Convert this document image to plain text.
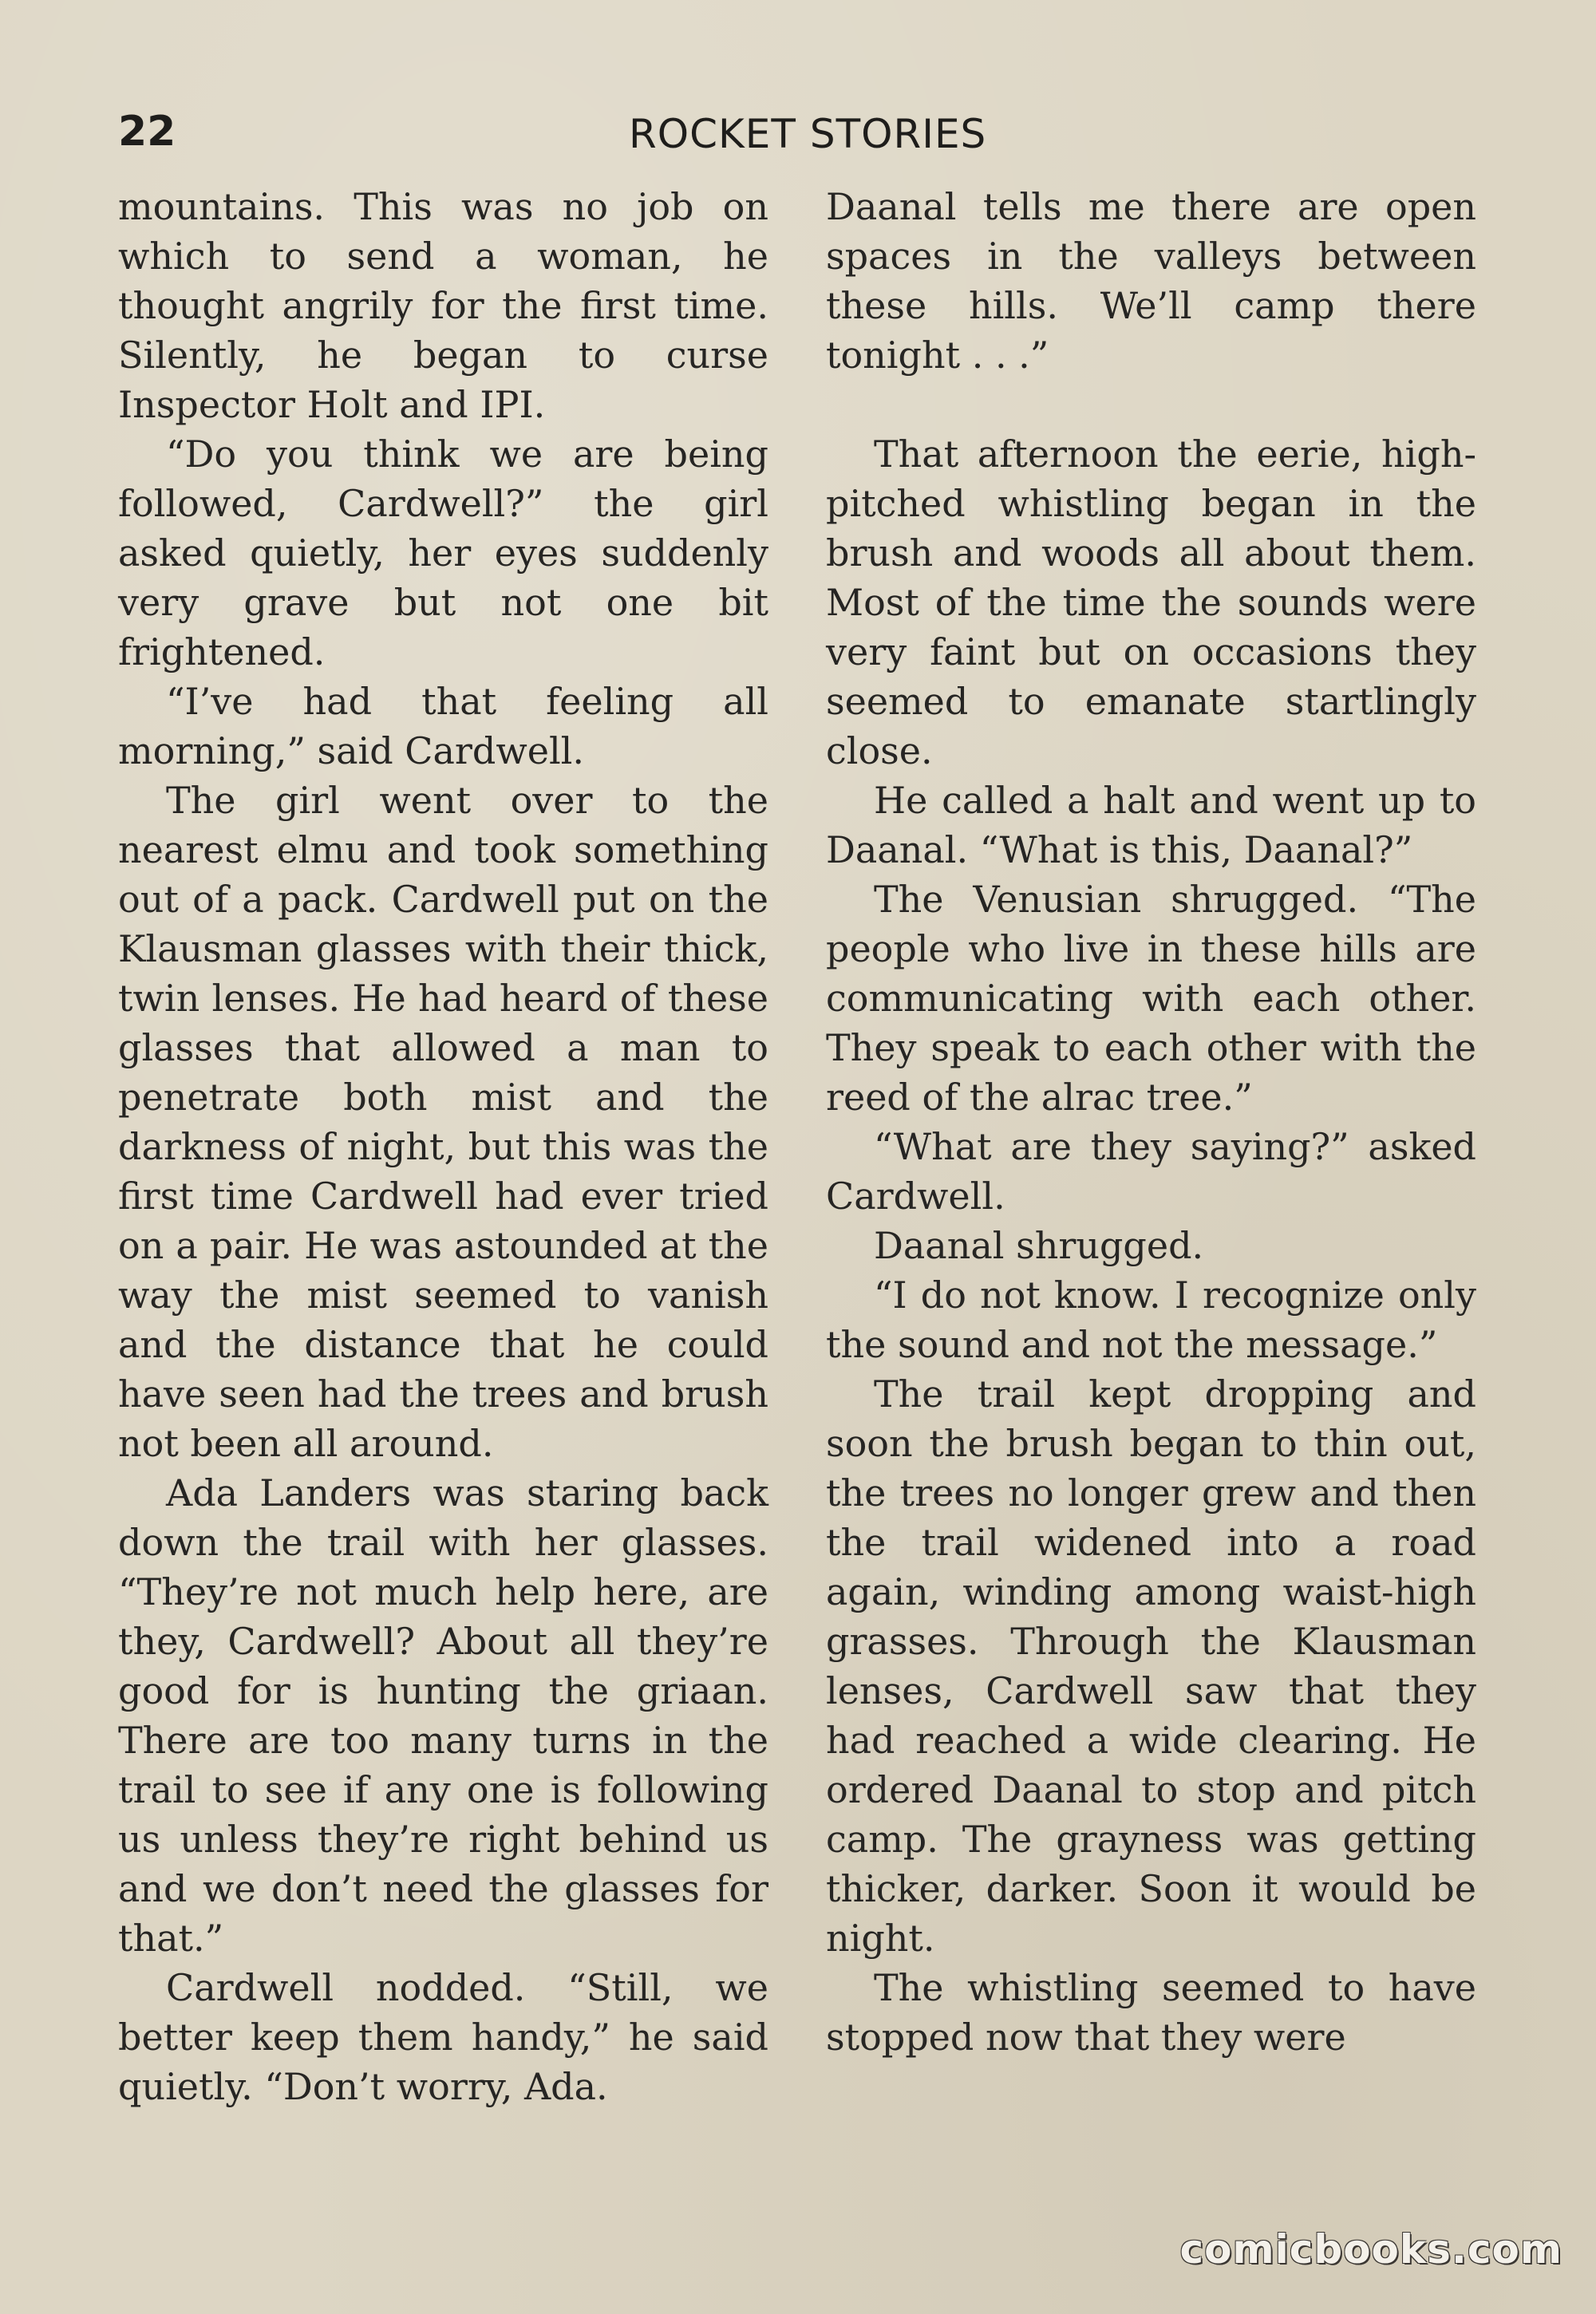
22	ROCKET STORIES

mountains. This was no job on which to send a woman, he thought angrily for the first time. Silently, he began to curse Inspector Holt and IPI.

“Do you think we are being followed, Cardwell?” the girl asked quietly, her eyes suddenly very grave but not one bit frightened.

“I’ve had that feeling all morning,” said Cardwell.

The girl went over to the nearest elmu and took something out of a pack. Cardwell put on the Klausman glasses with their thick, twin lenses. He had heard of these glasses that allowed a man to penetrate both mist and the darkness of night, but this was the first time Cardwell had ever tried on a pair. He was astounded at the way the mist seemed to vanish and the distance that he could have seen had the trees and brush not been all around.

Ada Landers was staring back down the trail with her glasses. “They’re not much help here, are they, Cardwell? About all they’re good for is hunting the griaan. There are too many turns in the trail to see if any one is following us unless they’re right behind us and we don’t need the glasses for that.”

Cardwell nodded. “Still, we better keep them handy,” he said quietly. “Don’t worry, Ada.

Daanal tells me there are open spaces in the valleys between these hills. We’ll camp there tonight . . .”

That afternoon the eerie, high-pitched whistling began in the brush and woods all about them. Most of the time the sounds were very faint but on occasions they seemed to emanate startlingly close.

He called a halt and went up to Daanal. “What is this, Daanal?”

The Venusian shrugged. “The people who live in these hills are communicating with each other. They speak to each other with the reed of the alrac tree.”

“What are they saying?” asked Cardwell.

Daanal shrugged.

“I do not know. I recognize only the sound and not the message.”

The trail kept dropping and soon the brush began to thin out, the trees no longer grew and then the trail widened into a road again, winding among waist-high grasses. Through the Klausman lenses, Cardwell saw that they had reached a wide clearing. He ordered Daanal to stop and pitch camp. The grayness was getting thicker, darker. Soon it would be night.

The whistling seemed to have stopped now that they were

comicbooks.com
